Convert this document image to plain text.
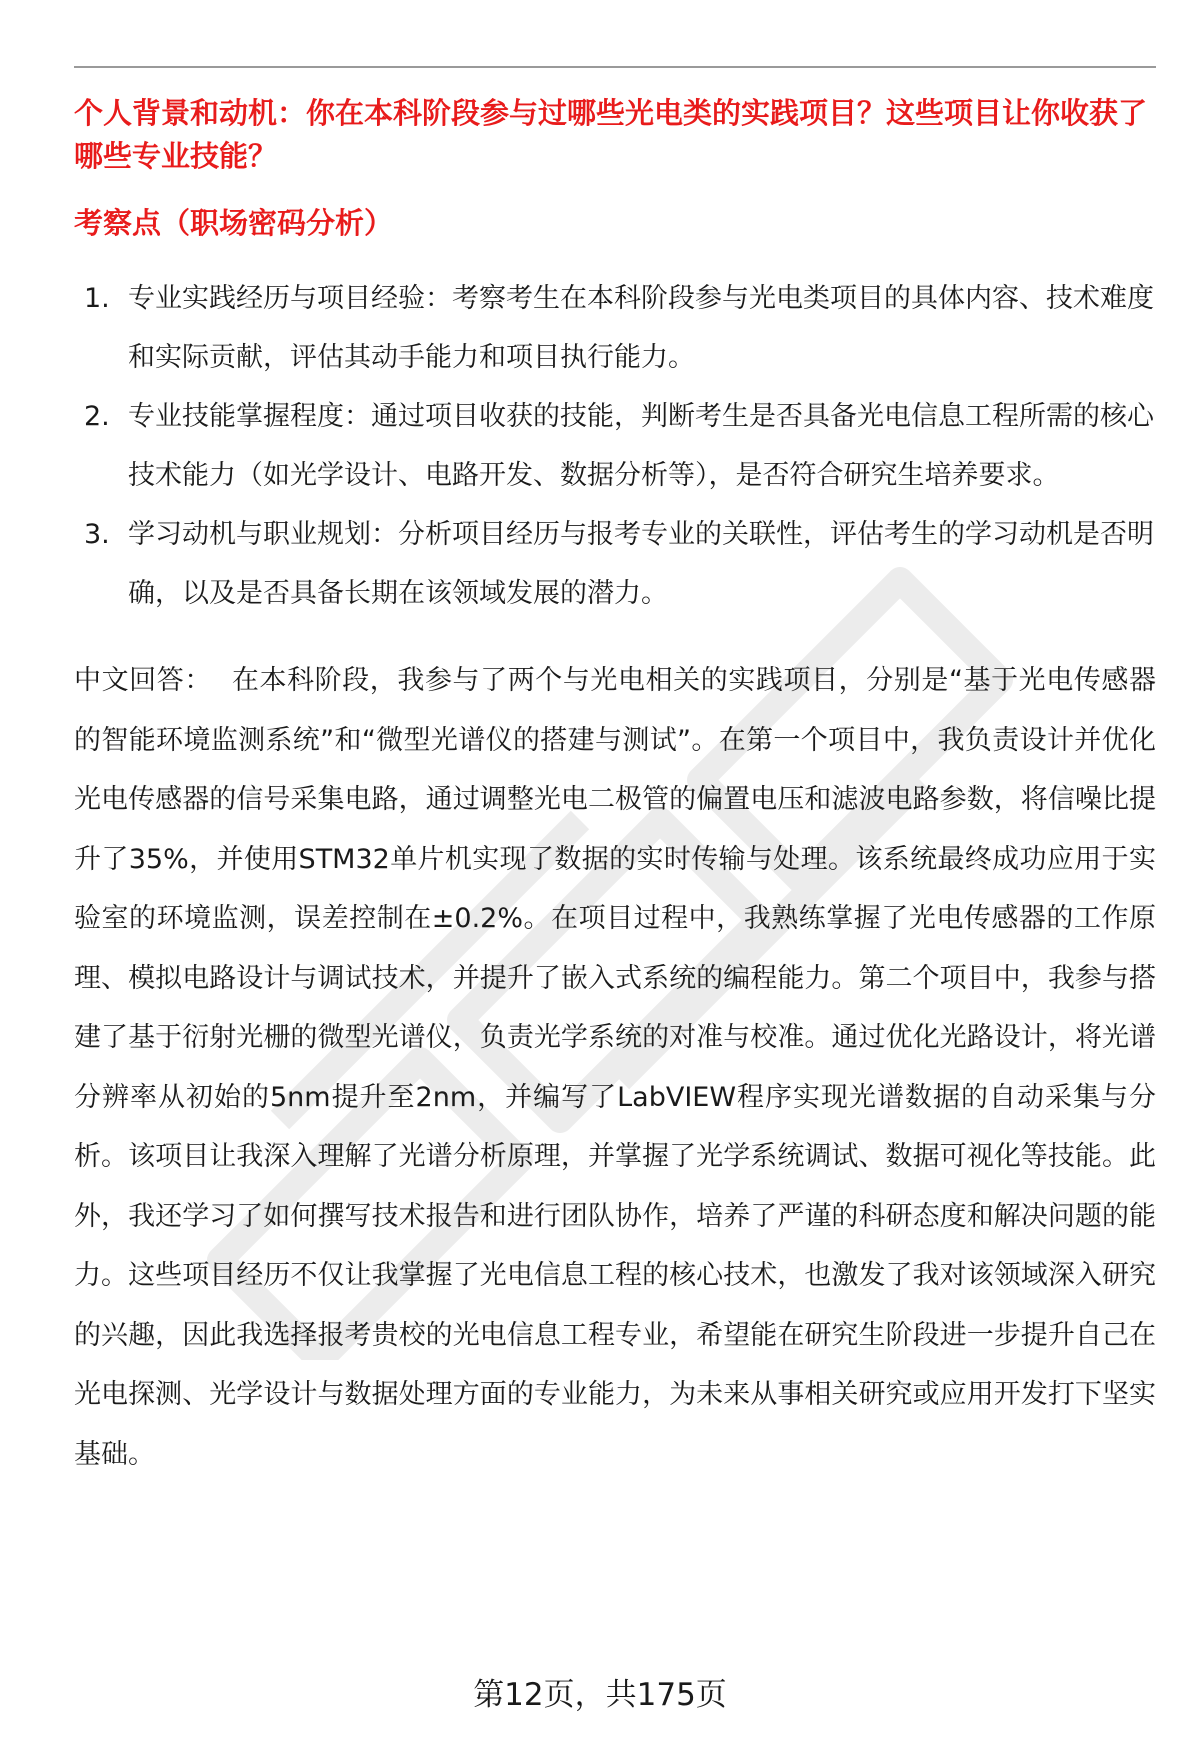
个人背景和动机：你在本科阶段参与过哪些光电类的实践项目？这些项目让你收获了哪些专业技能？

考察点（职场密码分析）

1. 专业实践经历与项目经验：考察考生在本科阶段参与光电类项目的具体内容、技术难度和实际贡献，评估其动手能力和项目执行能力。
2. 专业技能掌握程度：通过项目收获的技能，判断考生是否具备光电信息工程所需的核心技术能力（如光学设计、电路开发、数据分析等），是否符合研究生培养要求。
3. 学习动机与职业规划：分析项目经历与报考专业的关联性，评估考生的学习动机是否明确，以及是否具备长期在该领域发展的潜力。

中文回答： 在本科阶段，我参与了两个与光电相关的实践项目，分别是“基于光电传感器的智能环境监测系统”和“微型光谱仪的搭建与测试”。在第一个项目中，我负责设计并优化光电传感器的信号采集电路，通过调整光电二极管的偏置电压和滤波电路参数，将信噪比提升了35%，并使用STM32单片机实现了数据的实时传输与处理。该系统最终成功应用于实验室的环境监测，误差控制在±0.2%。在项目过程中，我熟练掌握了光电传感器的工作原理、模拟电路设计与调试技术，并提升了嵌入式系统的编程能力。第二个项目中，我参与搭建了基于衍射光栅的微型光谱仪，负责光学系统的对准与校准。通过优化光路设计，将光谱分辨率从初始的5nm提升至2nm，并编写了LabVIEW程序实现光谱数据的自动采集与分析。该项目让我深入理解了光谱分析原理，并掌握了光学系统调试、数据可视化等技能。此外，我还学习了如何撰写技术报告和进行团队协作，培养了严谨的科研态度和解决问题的能力。这些项目经历不仅让我掌握了光电信息工程的核心技术，也激发了我对该领域深入研究的兴趣，因此我选择报考贵校的光电信息工程专业，希望能在研究生阶段进一步提升自己在光电探测、光学设计与数据处理方面的专业能力，为未来从事相关研究或应用开发打下坚实基础。

第12页，共175页
